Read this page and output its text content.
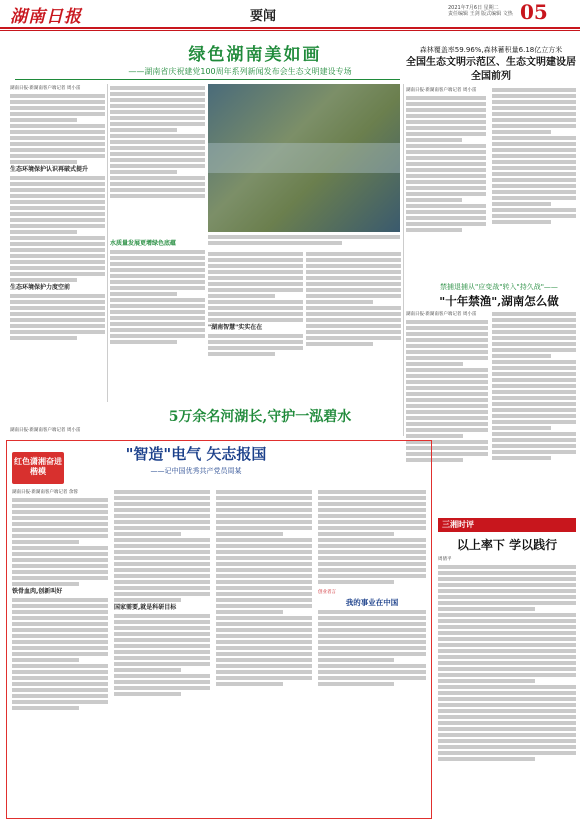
湖南日报	要闻
2021年7月6日 星期二
责任编辑 王剑 版式编辑 文热 05
绿色湖南美如画
——湖南省庆祝建党100周年系列新闻发布会生态文明建设专场
森林覆盖率59.96%,森林蓄积量6.18亿立方米
全国生态文明示范区、生态文明建设居全国前列
湖南日报·新湖南客户端记者 周小雷
生态环境保护认识再破式提升
生态环境保护力度空前
水质量发展更增绿色底蕴
"湖南智慧"实实在在
湖南日报·新湖南客户端记者 周小雷
禁捕退捕从"应变战"转入"持久战"——
"十年禁渔",湖南怎么做
湖南日报·新湖南客户端记者 周小雷
5万余名河湖长,守护一泓碧水
湖南日报·新湖南客户端记者 周小雷
红色潇湘奋进楷模
"智造"电气 矢志报国
——记中国优秀共产党员周某
湖南日报·新湖南客户端记者 余蓉
铁骨血肉,创新叫好
国家需要,就是科研目标
创业者言
我的事业在中国
三湘时评
以上率下 学以践行
周倩平
